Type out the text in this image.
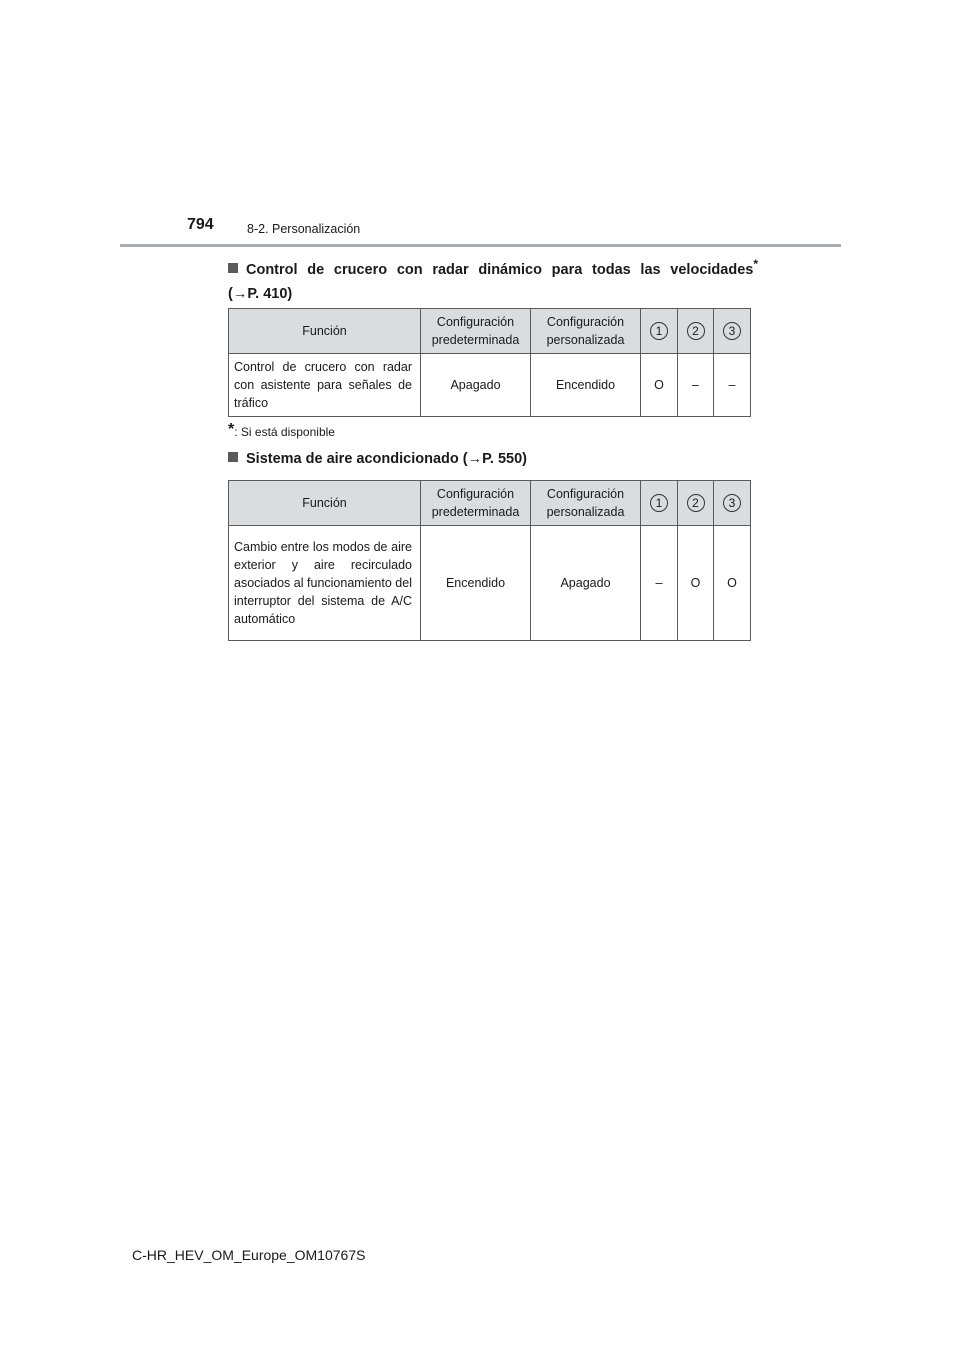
794	8-2. Personalización
Control de crucero con radar dinámico para todas las velocidades*
(→P. 410)
Función	Configuración predeterminada	Configuración personalizada	1	2	3
Control de crucero con radar con asistente para señales de tráfico	Apagado	Encendido	O	–	–
*: Si está disponible
Sistema de aire acondicionado (→P. 550)
Función	Configuración predeterminada	Configuración personalizada	1	2	3
Cambio entre los modos de aire exterior y aire recirculado asociados al funcionamiento del interruptor del sistema de A/C automático	Encendido	Apagado	–	O	O
C-HR_HEV_OM_Europe_OM10767S
